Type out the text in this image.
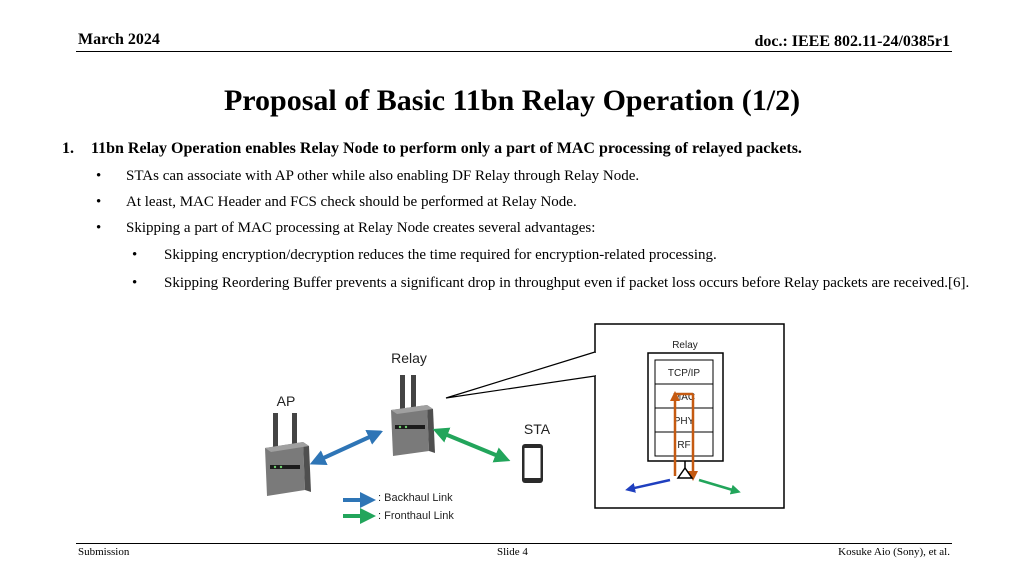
March 2024	doc.: IEEE 802.11-24/0385r1
Proposal of Basic 11bn Relay Operation (1/2)
1.	11bn Relay Operation enables Relay Node to perform only a part of MAC processing of relayed packets.
•	STAs can associate with AP other while also enabling DF Relay through Relay Node.
•	At least, MAC Header and FCS check should be performed at Relay Node.
•	Skipping a part of MAC processing at Relay Node creates several advantages:
•	Skipping encryption/decryption reduces the time required for encryption-related processing.
•	Skipping Reordering Buffer prevents a significant drop in throughput even if packet loss occurs before Relay packets are received.[6].
AP
Relay
STA
: Backhaul Link
: Fronthaul Link
Relay
TCP/IP
MAC
PHY
RF
Submission	Slide 4	Kosuke Aio (Sony), et al.
